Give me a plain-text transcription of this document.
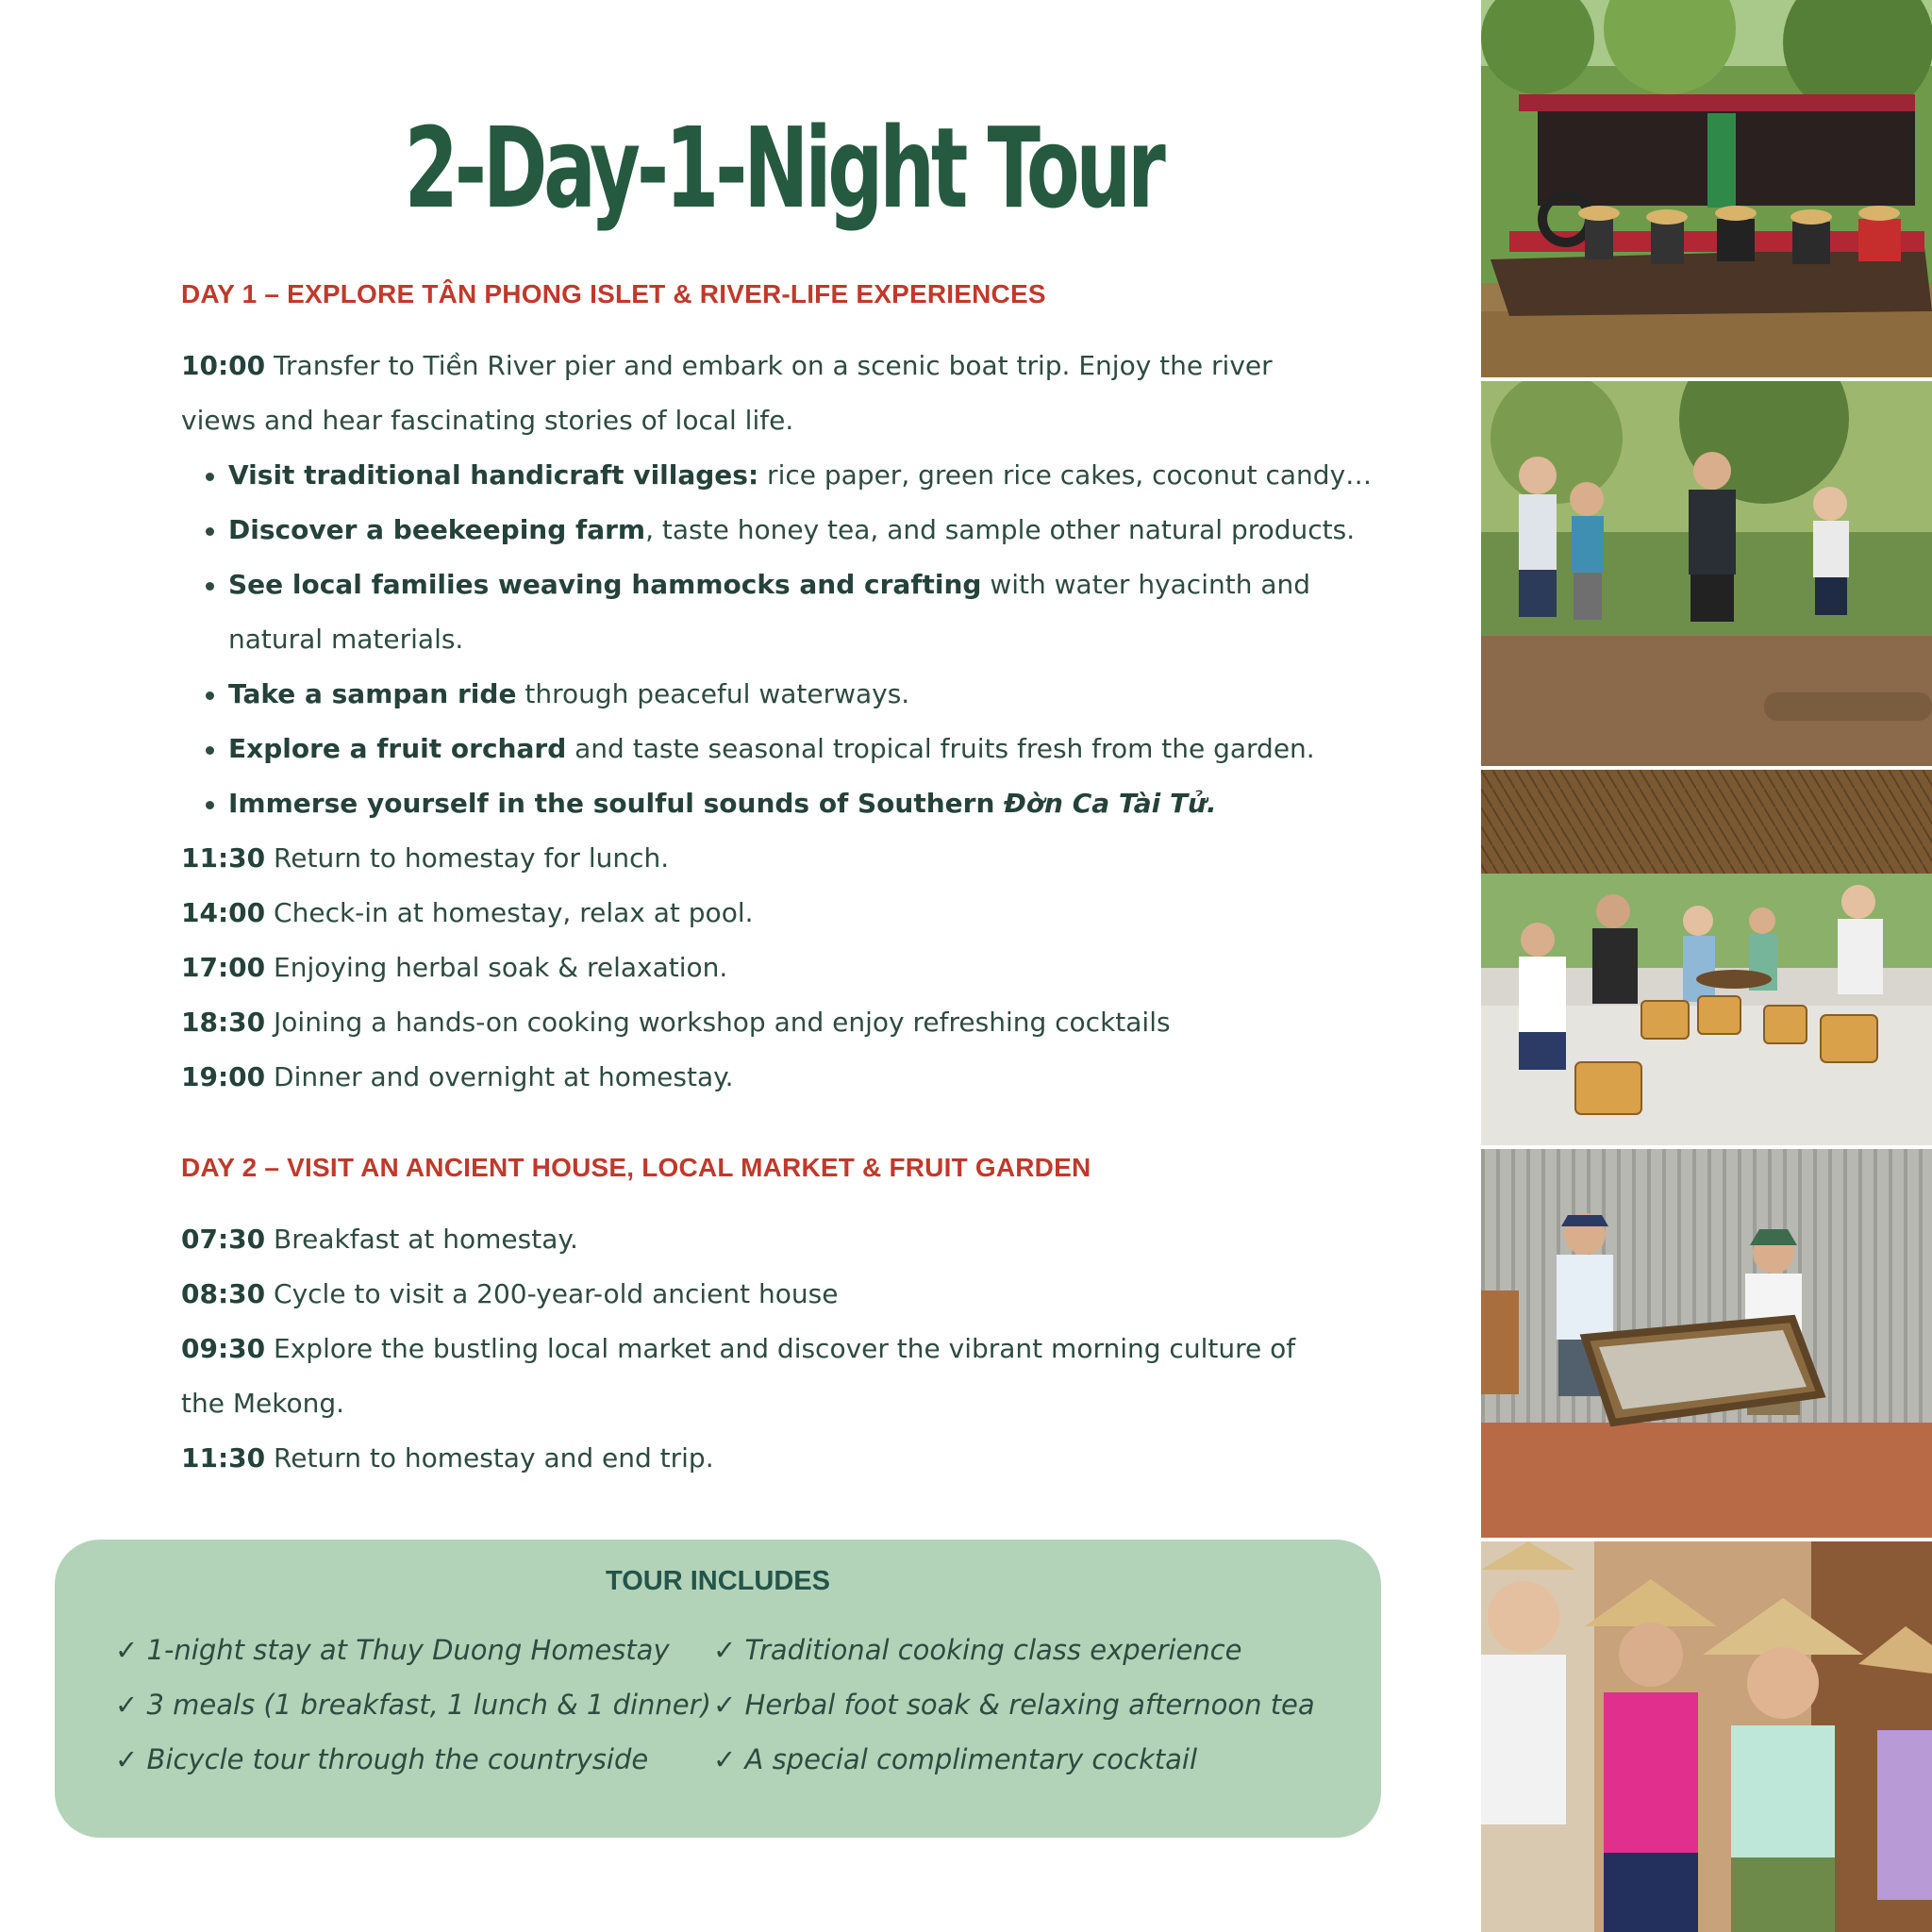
2-Day-1-Night Tour
DAY 1 – EXPLORE TÂN PHONG ISLET & RIVER-LIFE EXPERIENCES
10:00 Transfer to Tiền River pier and embark on a scenic boat trip. Enjoy the river
views and hear fascinating stories of local life.
Visit traditional handicraft villages: rice paper, green rice cakes, coconut candy…
Discover a beekeeping farm, taste honey tea, and sample other natural products.
See local families weaving hammocks and crafting with water hyacinth and
natural materials.
Take a sampan ride through peaceful waterways.
Explore a fruit orchard and taste seasonal tropical fruits fresh from the garden.
Immerse yourself in the soulful sounds of Southern Đờn Ca Tài Tử.
11:30 Return to homestay for lunch.
14:00 Check-in at homestay, relax at pool.
17:00 Enjoying herbal soak & relaxation.
18:30 Joining a hands-on cooking workshop and enjoy refreshing cocktails
19:00 Dinner and overnight at homestay.
DAY 2 – VISIT AN ANCIENT HOUSE, LOCAL MARKET & FRUIT GARDEN
07:30 Breakfast at homestay.
08:30 Cycle to visit a 200-year-old ancient house
09:30 Explore the bustling local market and discover the vibrant morning culture of
the Mekong.
11:30 Return to homestay and end trip.
TOUR INCLUDES
✓ 1-night stay at Thuy Duong Homestay
✓ 3 meals (1 breakfast, 1 lunch & 1 dinner)
✓ Bicycle tour through the countryside
✓ Traditional cooking class experience
✓ Herbal foot soak & relaxing afternoon tea
✓ A special complimentary cocktail
